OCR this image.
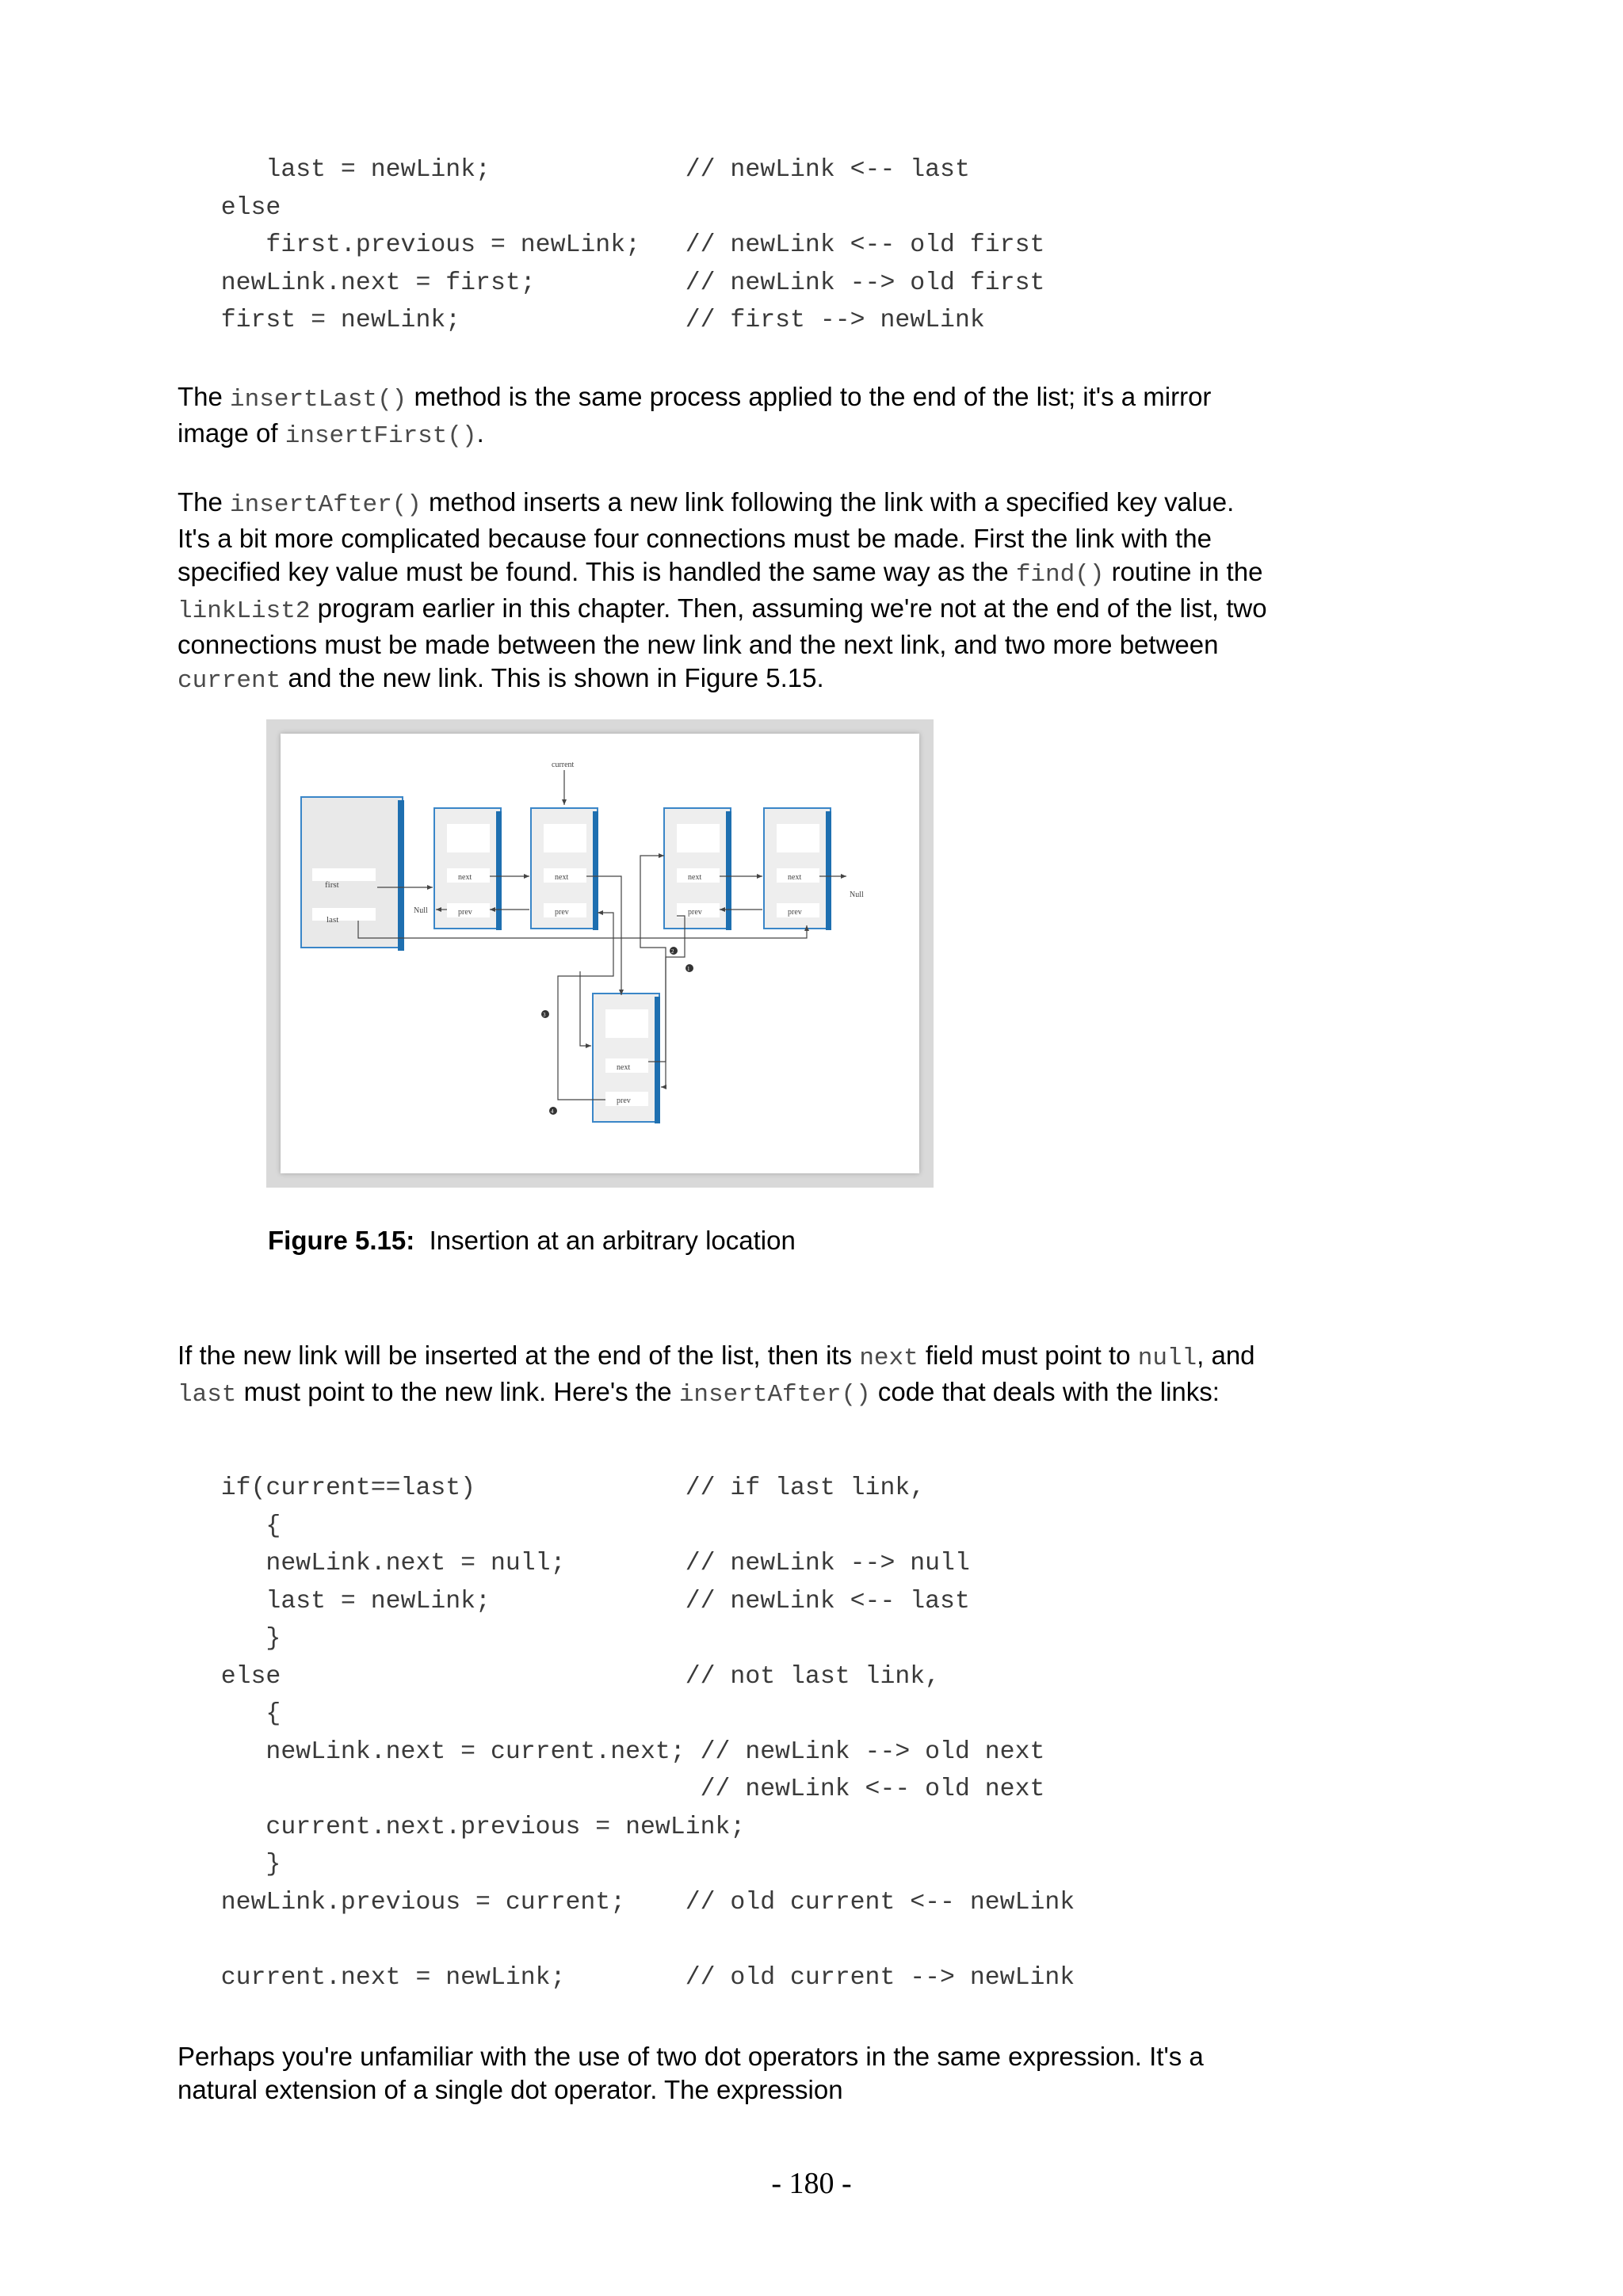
last = newLink;             // newLink <-- last
else
first.previous = newLink;   // newLink <-- old first
newLink.next = first;          // newLink --> old first
first = newLink;               // first --> newLink

The insertLast() method is the same process applied to the end of the list; it's a mirror image of insertFirst().

The insertAfter() method inserts a new link following the link with a specified key value. It's a bit more complicated because four connections must be made. First the link with the specified key value must be found. This is handled the same way as the find() routine in the linkList2 program earlier in this chapter. Then, assuming we're not at the end of the list, two connections must be made between the new link and the next link, and two more between current and the new link. This is shown in Figure 5.15.

first
last
next
prev
next
prev
next
prev
next
prev
next
prev
current
Null
Null
1
2
3
4

Figure 5.15: Insertion at an arbitrary location

If the new link will be inserted at the end of the list, then its next field must point to null, and last must point to the new link. Here's the insertAfter() code that deals with the links:

if(current==last)              // if last link,
{
newLink.next = null;        // newLink --> null
last = newLink;             // newLink <-- last
}
else                           // not last link,
{
newLink.next = current.next; // newLink --> old next
// newLink <-- old next
current.next.previous = newLink;
}
newLink.previous = current;    // old current <-- newLink
current.next = newLink;        // old current --> newLink

Perhaps you're unfamiliar with the use of two dot operators in the same expression. It's a natural extension of a single dot operator. The expression

- 180 -
